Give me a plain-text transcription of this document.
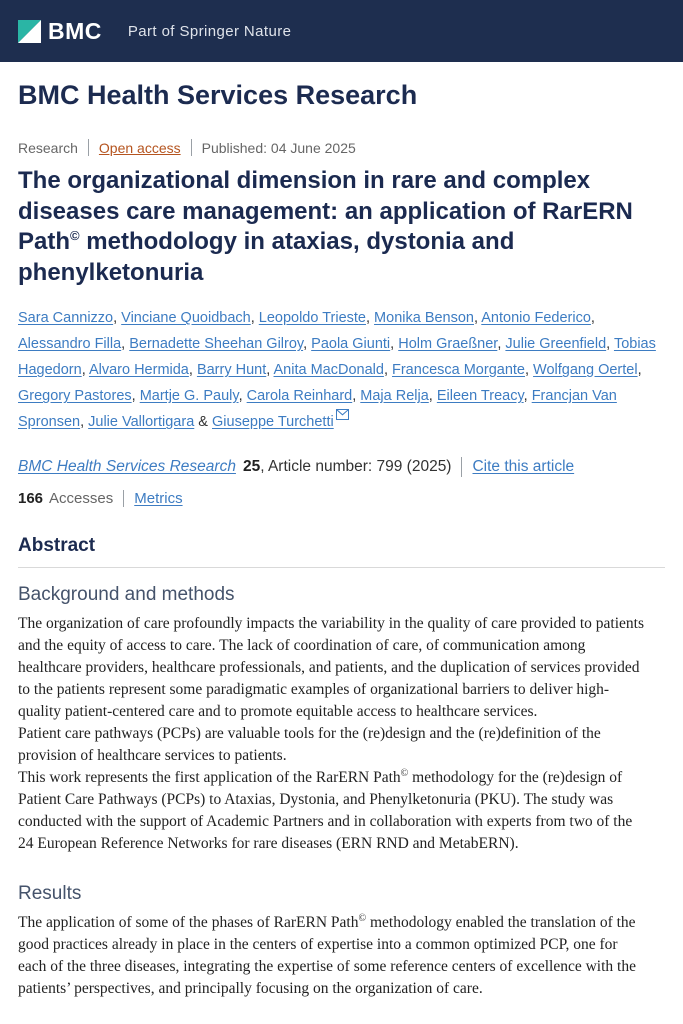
BMC Part of Springer Nature
BMC Health Services Research
Research Open access Published: 04 June 2025
The organizational dimension in rare and complex diseases care management: an application of RarERN Path© methodology in ataxias, dystonia and phenylketonuria
Sara Cannizzo, Vinciane Quoidbach, Leopoldo Trieste, Monika Benson, Antonio Federico, Alessandro Filla, Bernadette Sheehan Gilroy, Paola Giunti, Holm Graeßner, Julie Greenfield, Tobias Hagedorn, Alvaro Hermida, Barry Hunt, Anita MacDonald, Francesca Morgante, Wolfgang Oertel, Gregory Pastores, Martje G. Pauly, Carola Reinhard, Maja Relja, Eileen Treacy, Francjan Van Spronsen, Julie Vallortigara & Giuseppe Turchetti
BMC Health Services Research 25 , Article number: 799 (2025) Cite this article
166 Accesses Metrics
Abstract
Background and methods

The organization of care profoundly impacts the variability in the quality of care provided to patients and the equity of access to care. The lack of coordination of care, of communication among healthcare providers, healthcare professionals, and patients, and the duplication of services provided to the patients represent some paradigmatic examples of organizational barriers to deliver high-quality patient-centered care and to promote equitable access to healthcare services.

Patient care pathways (PCPs) are valuable tools for the (re)design and the (re)definition of the provision of healthcare services to patients.

This work represents the first application of the RarERN Path© methodology for the (re)design of Patient Care Pathways (PCPs) to Ataxias, Dystonia, and Phenylketonuria (PKU). The study was conducted with the support of Academic Partners and in collaboration with experts from two of the 24 European Reference Networks for rare diseases (ERN RND and MetabERN).

Results

The application of some of the phases of RarERN Path© methodology enabled the translation of the good practices already in place in the centers of expertise into a common optimized PCP, one for each of the three diseases, integrating the expertise of some reference centers of excellence with the patients’ perspectives, and principally focusing on the organization of care.
